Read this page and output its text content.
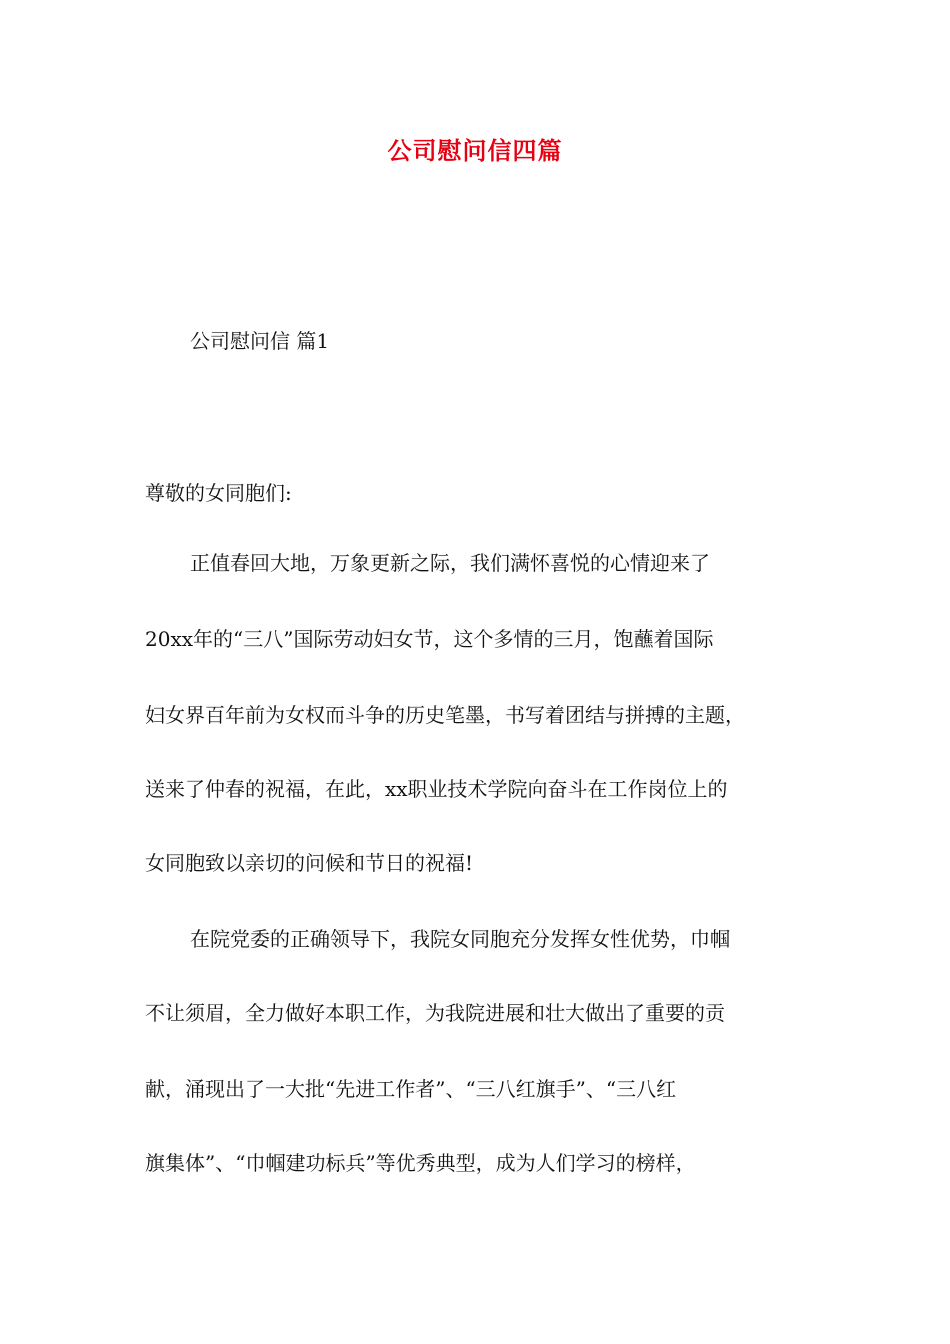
公司慰问信四篇
公司慰问信 篇1
尊敬的女同胞们:
正值春回大地，万象更新之际，我们满怀喜悦的心情迎来了
20xx年的“三八”国际劳动妇女节，这个多情的三月，饱蘸着国际
妇女界百年前为女权而斗争的历史笔墨，书写着团结与拼搏的主题，
送来了仲春的祝福，在此，xx职业技术学院向奋斗在工作岗位上的
女同胞致以亲切的问候和节日的祝福!
在院党委的正确领导下，我院女同胞充分发挥女性优势，巾帼
不让须眉，全力做好本职工作，为我院进展和壮大做出了重要的贡
献，涌现出了一大批“先进工作者”、“三八红旗手”、“三八红
旗集体”、“巾帼建功标兵”等优秀典型，成为人们学习的榜样，
